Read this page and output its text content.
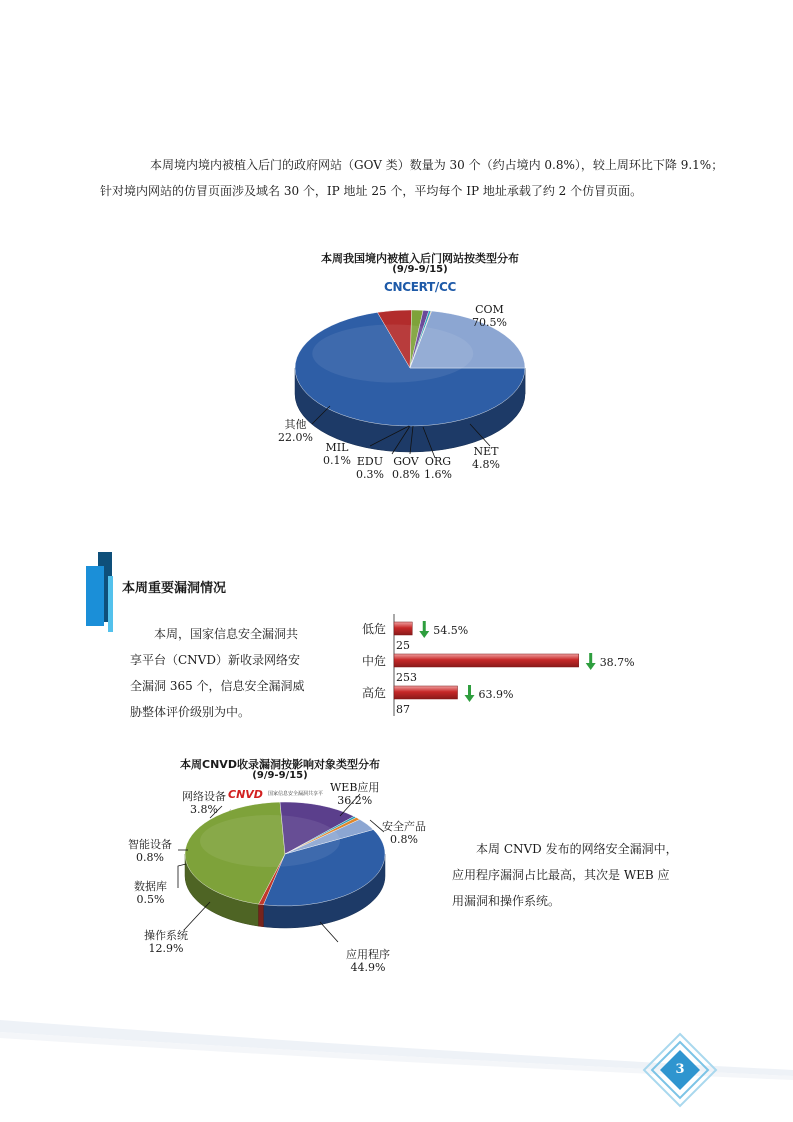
本周境内境内被植入后门的政府网站（GOV 类）数量为 30 个（约占境内 0.8%），较上周环比下降 9.1%；
针对境内网站的仿冒页面涉及域名 30 个，IP 地址 25 个，平均每个 IP 地址承载了约 2 个仿冒页面。
本周我国境内被植入后门网站按类型分布
(9/9-9/15)
CNCERT/CC
COM
70.5%
NET
4.8%
ORG
1.6%
GOV
0.8%
EDU
0.3%
MIL
0.1%
其他
22.0%
本周重要漏洞情况
本周，国家信息安全漏洞共
享平台（CNVD）新收录网络安
全漏洞 365 个，信息安全漏洞威
胁整体评价级别为中。
低危
25
54.5%
中危
253
38.7%
高危
87
63.9%
本周CNVD收录漏洞按影响对象类型分布
(9/9-9/15)
CNVD 国家信息安全漏洞共享平 WEB应用
36.2%
安全产品
0.8%
应用程序
44.9%
操作系统
12.9%
数据库
0.5%
智能设备
0.8%
网络设备
3.8%
本周 CNVD 发布的网络安全漏洞中，
应用程序漏洞占比最高，其次是 WEB 应
用漏洞和操作系统。
3
